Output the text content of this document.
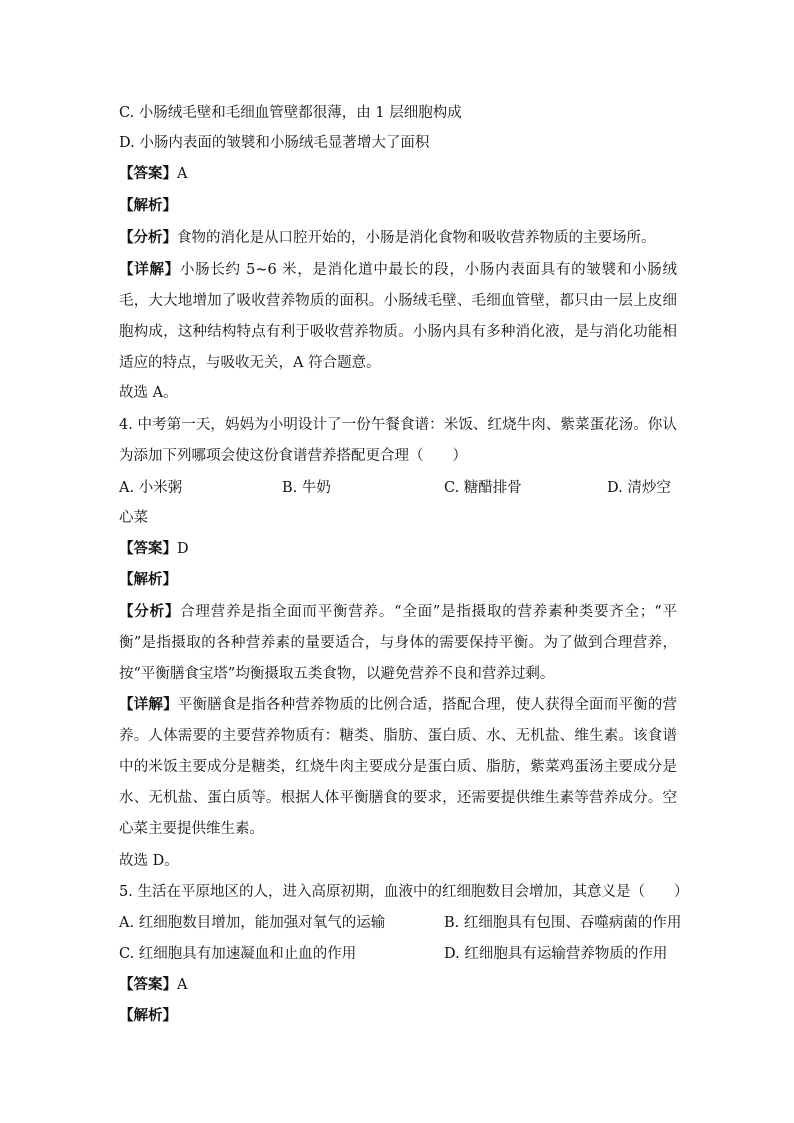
C. 小肠绒毛壁和毛细血管壁都很薄，由 1 层细胞构成
D. 小肠内表面的皱襞和小肠绒毛显著增大了面积
【答案】A
【解析】
【分析】食物的消化是从口腔开始的，小肠是消化食物和吸收营养物质的主要场所。
【详解】小肠长约 5~6 米，是消化道中最长的段，小肠内表面具有的皱襞和小肠绒毛，大大地增加了吸收营养物质的面积。小肠绒毛壁、毛细血管壁，都只由一层上皮细胞构成，这种结构特点有利于吸收营养物质。小肠内具有多种消化液，是与消化功能相适应的特点，与吸收无关，A 符合题意。
故选 A。
4. 中考第一天，妈妈为小明设计了一份午餐食谱：米饭、红烧牛肉、紫菜蛋花汤。你认为添加下列哪项会使这份食谱营养搭配更合理（　　）
A. 小米粥	B. 牛奶	C. 糖醋排骨	D. 清炒空
心菜
【答案】D
【解析】
【分析】合理营养是指全面而平衡营养。“全面”是指摄取的营养素种类要齐全；“平衡”是指摄取的各种营养素的量要适合，与身体的需要保持平衡。为了做到合理营养，按“平衡膳食宝塔”均衡摄取五类食物，以避免营养不良和营养过剩。
【详解】平衡膳食是指各种营养物质的比例合适，搭配合理，使人获得全面而平衡的营养。人体需要的主要营养物质有：糖类、脂肪、蛋白质、水、无机盐、维生素。该食谱中的米饭主要成分是糖类，红烧牛肉主要成分是蛋白质、脂肪，紫菜鸡蛋汤主要成分是水、无机盐、蛋白质等。根据人体平衡膳食的要求，还需要提供维生素等营养成分。空心菜主要提供维生素。
故选 D。
5. 生活在平原地区的人，进入高原初期，血液中的红细胞数目会增加，其意义是（　　）
A. 红细胞数目增加，能加强对氧气的运输	B. 红细胞具有包围、吞噬病菌的作用
C. 红细胞具有加速凝血和止血的作用	D. 红细胞具有运输营养物质的作用
【答案】A
【解析】
